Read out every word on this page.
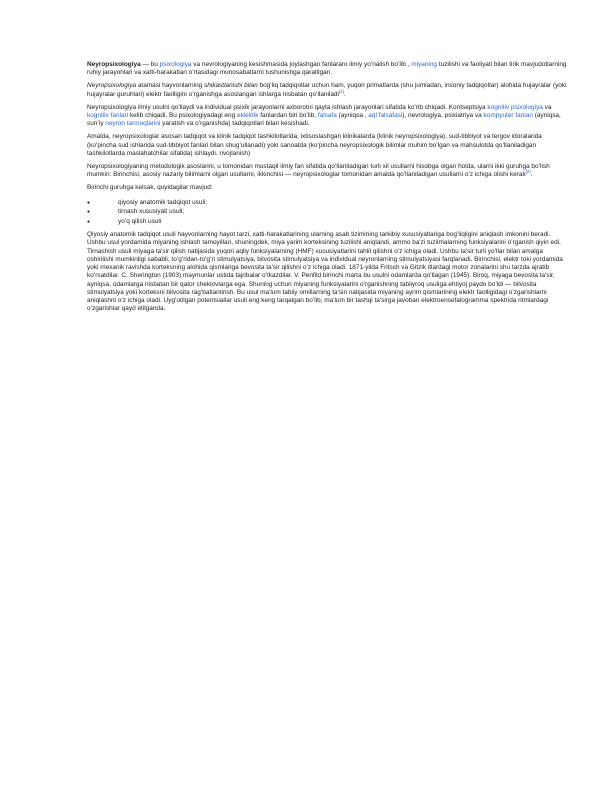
Neyropsixologiya — bu psixologiya va nevrologiyaning kesishmasida joylashgan fanlararo ilmiy yoʻnalish boʻlib , miyaning tuzilishi va faoliyati bilan tirik mavjudotlarning ruhiy jarayonlari va xatti-harakatlari oʻrtasidagi munosabatlarni tushunishga qaratilgan.

Neyropsixologiya atamasi hayvonlarning shikastlanishi bilan bogʻliq tadqiqotlar uchun ham, yuqori primatlarda (shu jumladan, insoniy tadqiqotlar) alohida hujayralar (yoki hujayralar guruhlari) elektr faolligini oʻrganishga asoslangan ishlarga nisbatan qoʻllaniladi[1].

Neyropsixologiya ilmiy usulni qoʻllaydi va individual psixik jarayonlarni axborotni qayta ishlash jarayonlari sifatida koʻrib chiqadi. Kontseptsiya kognitiv psixologiya va kognitiv fanlari kelib chiqadi. Bu psixologiyadagi eng eklektik fanlardan biri boʻlib, falsafa (ayniqsa , aql falsafasi), nevrologiya, psixiatriya va kompyuter fanlari (ayniqsa, sunʼiy neyron tarmoqlarini yaratish va oʻrganishda) tadqiqotlari bilan kesishadi.

Amalda, neyropsixologlar asosan tadqiqot va klinik tadqiqot tashkilotlarida, ixtisoslashgan klinikalarda (klinik neyropsixologiya), sud-tibbiyot va tergov idoralarida (koʻpincha sud ishlarida sud-tibbiyot fanlari bilan shugʻullanadi) yoki sanoatda (koʻpincha neyropsixologik bilimlar muhim boʻlgan va mahsulotda qoʻllaniladigan tashkilotlarda maslahatchilar sifatida) ishlaydi. rivojlanish)

Neyropsixologiyaning metodologik asoslarini, u tomonidan mustaqil ilmiy fan sifatida qoʻllaniladigan turli xil usullarni hisobga olgan holda, ularni ikki guruhga boʻlish mumkin: Birinchisi, asosiy nazariy bilimlarni olgan usullarni, ikkinchisi — neyropsixologlar tomonidan amalda qoʻllaniladigan usullarni oʻz ichiga olishi kerak[2].

Birinchi guruhga kelsak, quyidagilar mavjud:

● qiyosiy anatomik tadqiqot usuli;
● tirnash xususiyati usuli;
● yoʻq qilish usuli

Qiyosiy anatomik tadqiqot usuli hayvonlarning hayot tarzi, xatti-harakatlarining ularning asab tizimining tarkibiy xususiyatlariga bogʻliqligini aniqlash imkonini beradi. Ushbu usul yordamida miyaning ishlash tamoyillari, shuningdek, miya yarim korteksining tuzilishi aniqlandi, ammo ba'zi tuzilmalarning funksiyalarini oʻrganish qiyin edi. Tirnashish usuli miyaga ta'sir qilish natijasida yuqori aqliy funksiyalarning (HMF) xususiyatlarini tahlil qilishni oʻz ichiga oladi. Ushbu ta'sir turli yoʻllar bilan amalga oshirilishi mumkinligi sababli, toʻgʻridan-toʻgʻri stimulyatsiya, bilvosita stimulyatsiya va individual neyronlarning stimulyatsiyasi farqlanadi. Birinchisi, elektr toki yordamida yoki mexanik ravishda korteksning alohida qismlariga bevosita ta'sir qilishni oʻz ichiga oladi. 1871-yilda Fritsch va Gitzik itlardagi motor zonalarini shu tarzda ajratib koʻrsatdilar. C. Sherington (1903) maymunlar ustida tajribalar oʻtkazdilar. V. Penfild birinchi marta bu usulni odamlarda qoʻllagan (1945). Biroq, miyaga bevosita ta'sir, ayniqsa, odamlarga nisbatan bir qator cheklovlarga ega. Shuning uchun miyaning funksiyalarini oʻrganishning tabiiyroq usuliga ehtiyoj paydo boʻldi — bilvosita stimulyatsiya yoki korteksni bilvosita ragʻbatlantirish. Bu usul ma'lum tabiiy omillarning ta'siri natijasida miyaning ayrim qismlarining elektr faolligidagi oʻzgarishlarni aniqlashni oʻz ichiga oladi. Uygʻotilgan potentsiallar usuli eng keng tarqalgan boʻlib, ma'lum bir tashqi ta'sirga javoban elektroensefalogramma spektrida ritmlardagi oʻzgarishlar qayd etilganda.
